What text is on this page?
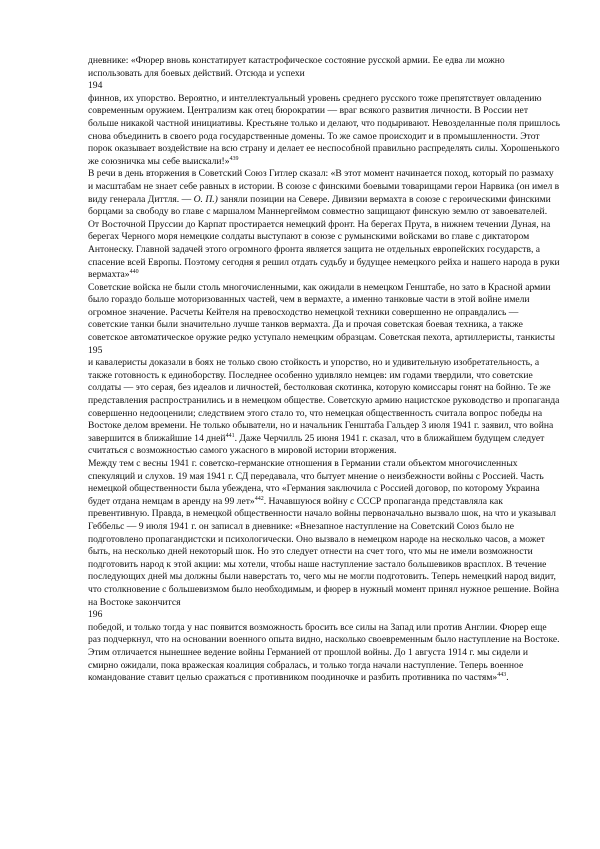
дневнике: «Фюрер вновь констатирует катастрофическое состояние русской армии. Ее едва ли можно использовать для боевых действий. Отсюда и успехи

194

финнов, их упорство. Вероятно, и интеллектуальный уровень среднего русского тоже препятствует овладению современным оружием. Централизм как отец бюрократии — враг всякого развития личности. В России нет больше никакой частной инициативы. Крестьяне только и делают, что подыривают. Невозделанные поля пришлось снова объединить в своего рода государственные домены. То же самое происходит и в промышленности. Этот порок оказывает воздействие на всю страну и делает ее неспособной правильно распределять силы. Хорошенького же союзничка мы себе выискали!»$^{439}$

В речи в день вторжения в Советский Союз Гитлер сказал: «В этот момент начинается поход, который по размаху и масштабам не знает себе равных в истории. В союзе с финскими боевыми товарищами герои Нарвика (он имел в виду генерала Диттля. — О. П.) заняли позиции на Севере. Дивизии вермахта в союзе с героическими финскими борцами за свободу во главе с маршалом Маннергеймом совместно защищают финскую землю от завоевателей. От Восточной Пруссии до Карпат простирается немецкий фронт. На берегах Прута, в нижнем течении Дуная, на берегах Черного моря немецкие солдаты выступают в союзе с румынскими войсками во главе с диктатором Антонеску. Главной задачей этого огромного фронта является защита не отдельных европейских государств, а спасение всей Европы. Поэтому сегодня я решил отдать судьбу и будущее немецкого рейха и нашего народа в руки вермахта»$^{440}$

Советские войска не были столь многочисленными, как ожидали в немецком Генштабе, но зато в Красной армии было гораздо больше моторизованных частей, чем в вермахте, а именно танковые части в этой войне имели огромное значение. Расчеты Кейтеля на превосходство немецкой техники совершенно не оправдались — советские танки были значительно лучше танков вермахта. Да и прочая советская боевая техника, а также советское автоматическое оружие редко уступало немецким образцам. Советская пехота, артиллеристы, танкисты

195

и кавалеристы доказали в боях не только свою стойкость и упорство, но и удивительную изобретательность, а также готовность к единоборству. Последнее особенно удивляло немцев: им годами твердили, что советские солдаты — это серая, без идеалов и личностей, бестолковая скотинка, которую комиссары гонят на бойню. Те же представления распространились и в немецком обществе. Советскую армию нацистское руководство и пропаганда совершенно недооценили; следствием этого стало то, что немецкая общественность считала вопрос победы на Востоке делом времени. Не только обыватели, но и начальник Генштаба Гальдер 3 июля 1941 г. заявил, что война завершится в ближайшие 14 дней$^{441}$. Даже Черчилль 25 июня 1941 г. сказал, что в ближайшем будущем следует считаться с возможностью самого ужасного в мировой истории вторжения.

Между тем с весны 1941 г. советско-германские отношения в Германии стали объектом многочисленных спекуляций и слухов. 19 мая 1941 г. СД передавала, что бытует мнение о неизбежности войны с Россией. Часть немецкой общественности была убеждена, что «Германия заключила с Россией договор, по которому Украина будет отдана немцам в аренду на 99 лет»$^{442}$. Начавшуюся войну с СССР пропаганда представляла как превентивную. Правда, в немецкой общественности начало войны первоначально вызвало шок, на что и указывал Геббельс — 9 июля 1941 г. он записал в дневнике: «Внезапное наступление на Советский Союз было не подготовлено пропагандистски и психологически. Оно вызвало в немецком народе на несколько часов, а может быть, на несколько дней некоторый шок. Но это следует отнести на счет того, что мы не имели возможности подготовить народ к этой акции: мы хотели, чтобы наше наступление застало большевиков врасплох. В течение последующих дней мы должны были наверстать то, чего мы не могли подготовить. Теперь немецкий народ видит, что столкновение с большевизмом было необходимым, и фюрер в нужный момент принял нужное решение. Война на Востоке закончится

196

победой, и только тогда у нас появится возможность бросить все силы на Запад или против Англии. Фюрер еще раз подчеркнул, что на основании военного опыта видно, насколько своевременным было наступление на Востоке. Этим отличается нынешнее ведение войны Германией от прошлой войны. До 1 августа 1914 г. мы сидели и смирно ожидали, пока вражеская коалиция собралась, и только тогда начали наступление. Теперь военное командование ставит целью сражаться с противником поодиночке и разбить противника по частям»$^{443}$.
